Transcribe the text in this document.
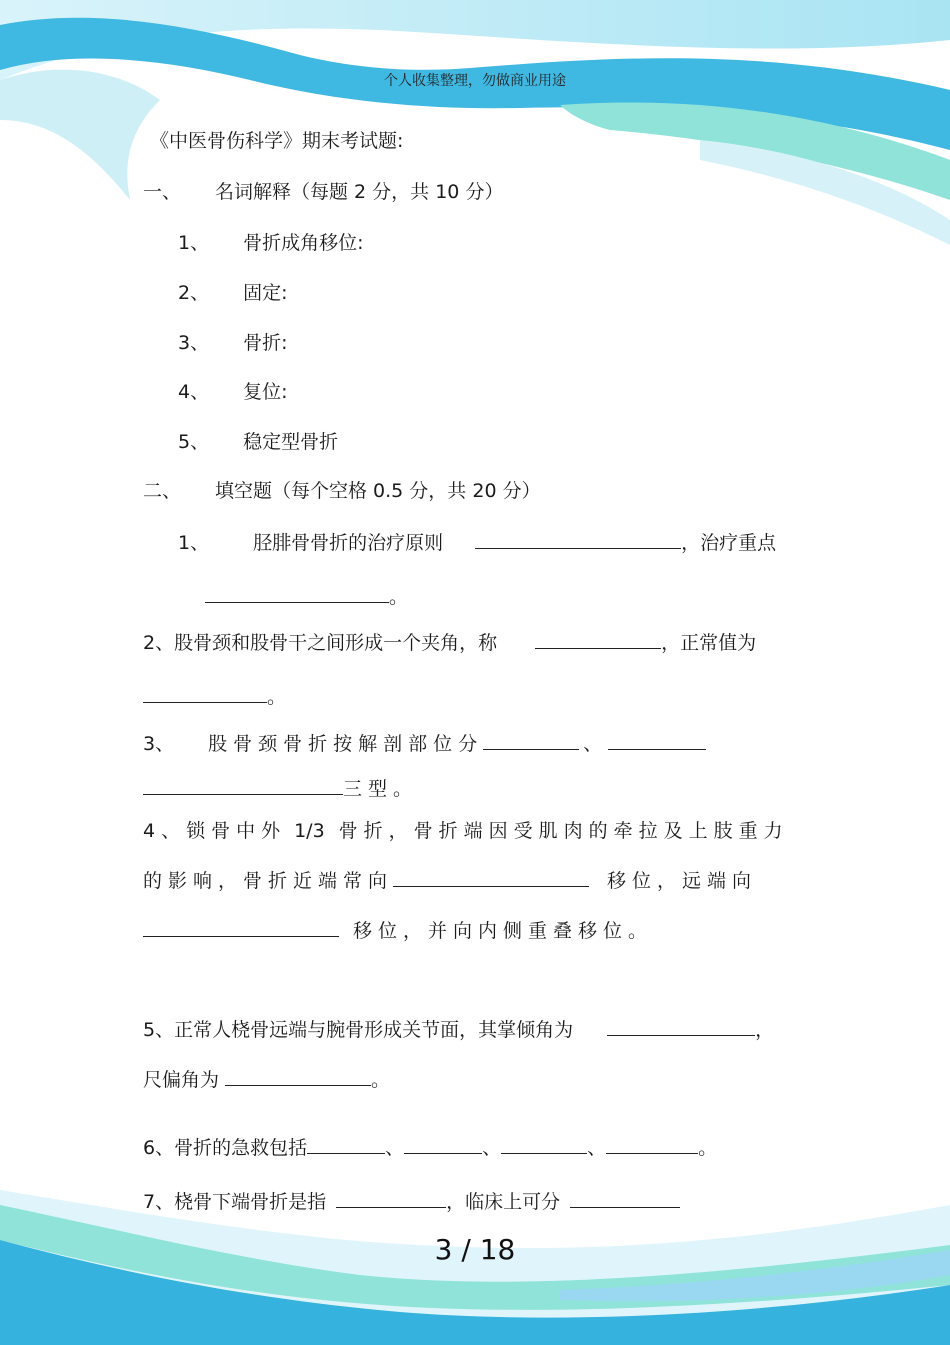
个人收集整理，勿做商业用途
《中医骨伤科学》期末考试题:
一、 名词解释（每题 2 分，共 10 分）
1、 骨折成角移位:
2、 固定:
3、 骨折:
4、 复位:
5、 稳定型骨折
二、 填空题（每个空格 0.5 分，共 20 分）
1、 胫腓骨骨折的治疗原则	，治疗重点
。
2、股骨颈和股骨干之间形成一个夹角，称	，正常值为
。
3、 股骨颈骨折按解剖部位分	、
三型。
4、锁骨中外 1/3 骨折，骨折端因受肌肉的牵拉及上肢重力
的影响，骨折近端常向	移位，远端向
移位，并向内侧重叠移位。
5、正常人桡骨远端与腕骨形成关节面，其掌倾角为	，
尺偏角为	。
6、骨折的急救包括	、	、	、	。
7、桡骨下端骨折是指	，临床上可分
3 / 18
